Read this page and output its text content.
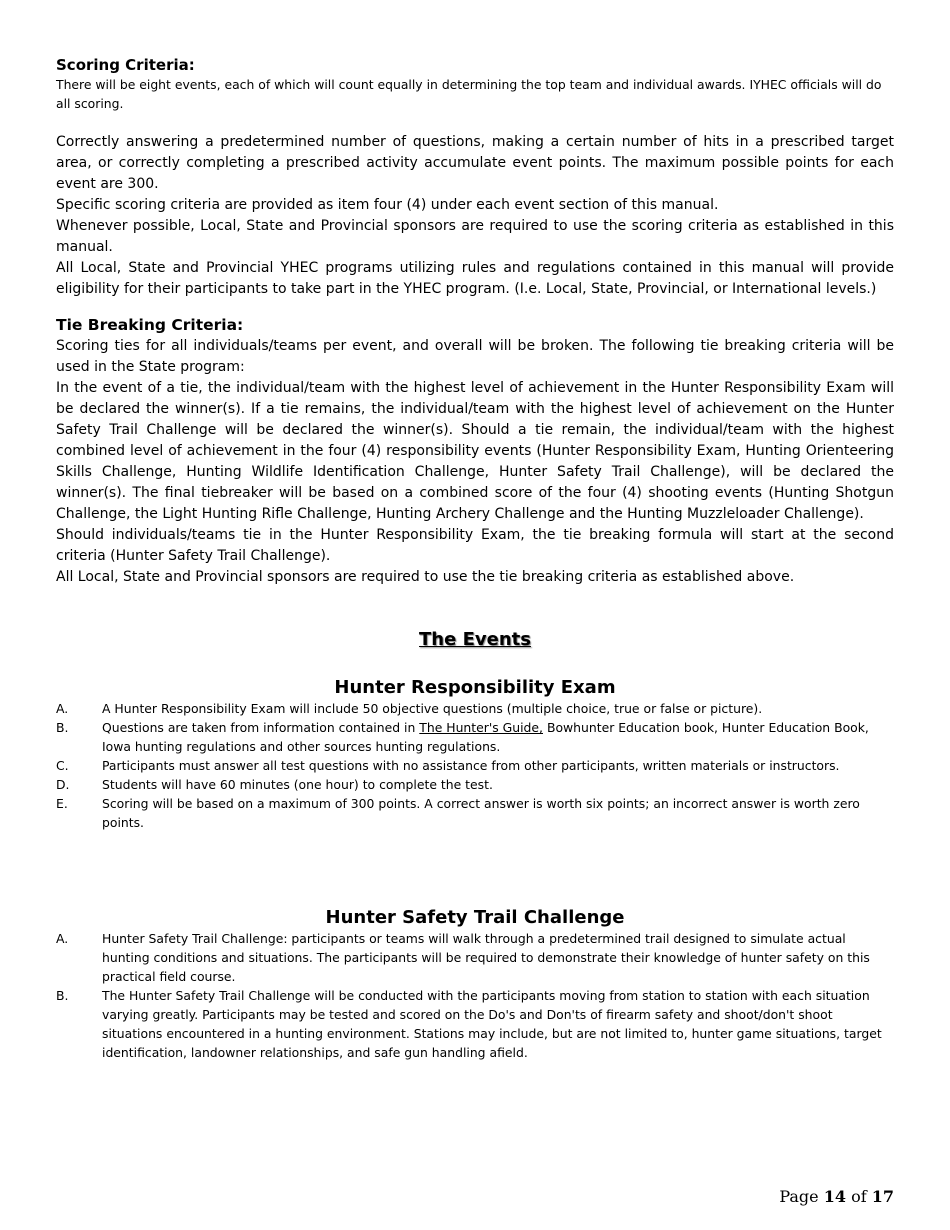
Scoring Criteria:

There will be eight events, each of which will count equally in determining the top team and individual awards. IYHEC officials will do all scoring.

Correctly answering a predetermined number of questions, making a certain number of hits in a prescribed target area, or correctly completing a prescribed activity accumulate event points. The maximum possible points for each event are 300.

Specific scoring criteria are provided as item four (4) under each event section of this manual.

Whenever possible, Local, State and Provincial sponsors are required to use the scoring criteria as established in this manual.

All Local, State and Provincial YHEC programs utilizing rules and regulations contained in this manual will provide eligibility for their participants to take part in the YHEC program. (I.e. Local, State, Provincial, or International levels.)

Tie Breaking Criteria:

Scoring ties for all individuals/teams per event, and overall will be broken. The following tie breaking criteria will be used in the State program:

In the event of a tie, the individual/team with the highest level of achievement in the Hunter Responsibility Exam will be declared the winner(s). If a tie remains, the individual/team with the highest level of achievement on the Hunter Safety Trail Challenge will be declared the winner(s). Should a tie remain, the individual/team with the highest combined level of achievement in the four (4) responsibility events (Hunter Responsibility Exam, Hunting Orienteering Skills Challenge, Hunting Wildlife Identification Challenge, Hunter Safety Trail Challenge), will be declared the winner(s). The final tiebreaker will be based on a combined score of the four (4) shooting events (Hunting Shotgun Challenge, the Light Hunting Rifle Challenge, Hunting Archery Challenge and the Hunting Muzzleloader Challenge).

Should individuals/teams tie in the Hunter Responsibility Exam, the tie breaking formula will start at the second criteria (Hunter Safety Trail Challenge).

All Local, State and Provincial sponsors are required to use the tie breaking criteria as established above.

The Events
Hunter Responsibility Exam
A.	A Hunter Responsibility Exam will include 50 objective questions (multiple choice, true or false or picture).
B.	Questions are taken from information contained in The Hunter's Guide, Bowhunter Education book, Hunter Education Book, Iowa hunting regulations and other sources hunting regulations.
C.	Participants must answer all test questions with no assistance from other participants, written materials or instructors.
D.	Students will have 60 minutes (one hour) to complete the test.
E.	Scoring will be based on a maximum of 300 points. A correct answer is worth six points; an incorrect answer is worth zero points.
Hunter Safety Trail Challenge
A.	Hunter Safety Trail Challenge: participants or teams will walk through a predetermined trail designed to simulate actual hunting conditions and situations. The participants will be required to demonstrate their knowledge of hunter safety on this practical field course.
B.	The Hunter Safety Trail Challenge will be conducted with the participants moving from station to station with each situation varying greatly. Participants may be tested and scored on the Do's and Don'ts of firearm safety and shoot/don't shoot situations encountered in a hunting environment. Stations may include, but are not limited to, hunter game situations, target identification, landowner relationships, and safe gun handling afield.
Page 14 of 17
